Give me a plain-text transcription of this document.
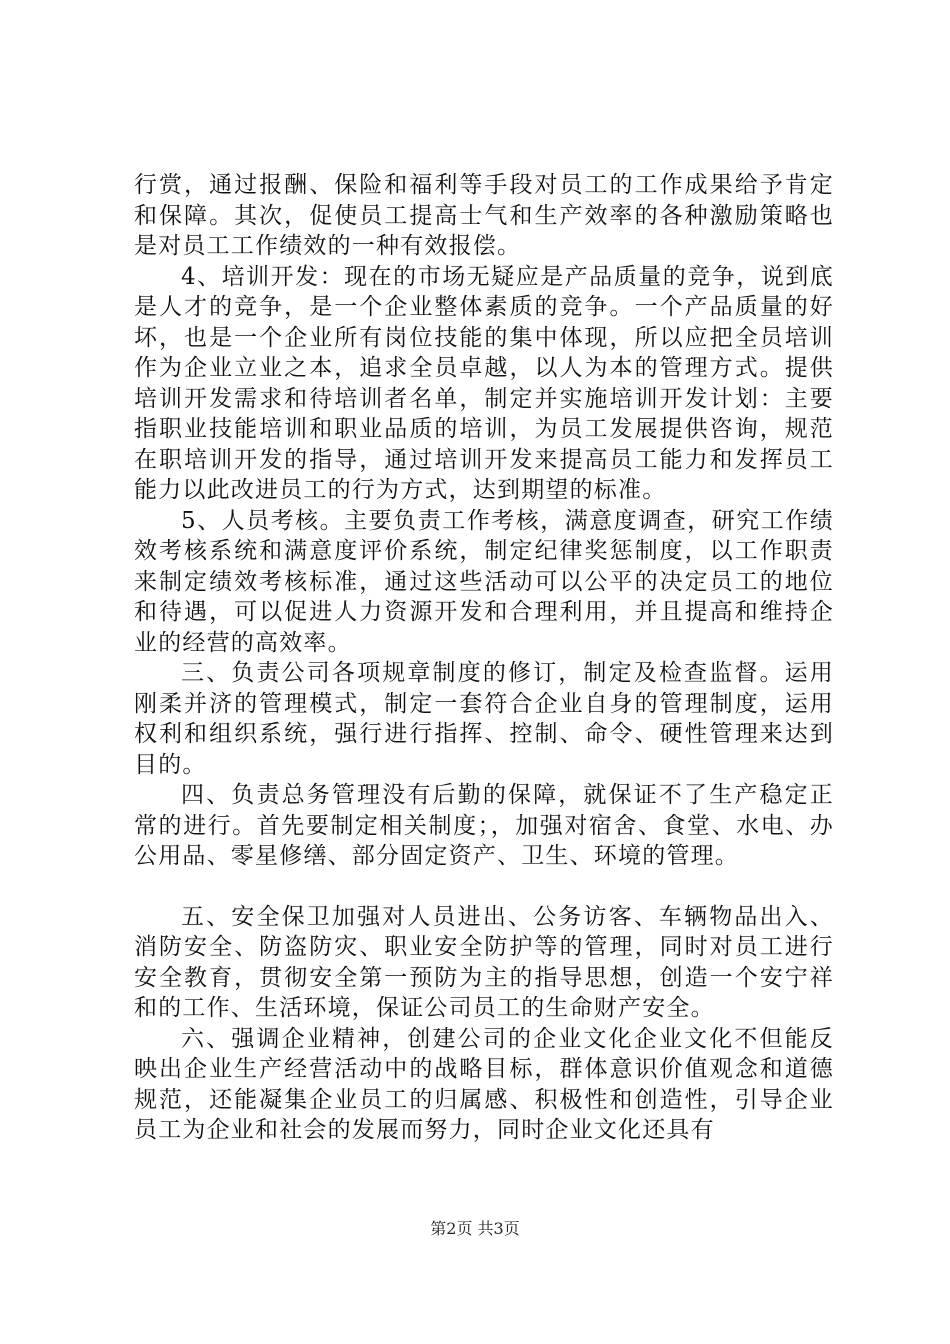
行赏，通过报酬、保险和福利等手段对员工的工作成果给予肯定和保障。其次，促使员工提高士气和生产效率的各种激励策略也是对员工工作绩效的一种有效报偿。

4、培训开发：现在的市场无疑应是产品质量的竞争，说到底是人才的竞争，是一个企业整体素质的竞争。一个产品质量的好坏，也是一个企业所有岗位技能的集中体现，所以应把全员培训作为企业立业之本，追求全员卓越，以人为本的管理方式。提供培训开发需求和待培训者名单，制定并实施培训开发计划：主要指职业技能培训和职业品质的培训，为员工发展提供咨询，规范在职培训开发的指导，通过培训开发来提高员工能力和发挥员工能力以此改进员工的行为方式，达到期望的标准。

5、人员考核。主要负责工作考核，满意度调查，研究工作绩效考核系统和满意度评价系统，制定纪律奖惩制度，以工作职责来制定绩效考核标准，通过这些活动可以公平的决定员工的地位和待遇，可以促进人力资源开发和合理利用，并且提高和维持企业的经营的高效率。

三、负责公司各项规章制度的修订，制定及检查监督。运用刚柔并济的管理模式，制定一套符合企业自身的管理制度，运用权利和组织系统，强行进行指挥、控制、命令、硬性管理来达到目的。

四、负责总务管理没有后勤的保障，就保证不了生产稳定正常的进行。首先要制定相关制度；，加强对宿舍、食堂、水电、办公用品、零星修缮、部分固定资产、卫生、环境的管理。

五、安全保卫加强对人员进出、公务访客、车辆物品出入、消防安全、防盗防灾、职业安全防护等的管理，同时对员工进行安全教育，贯彻安全第一预防为主的指导思想，创造一个安宁祥和的工作、生活环境，保证公司员工的生命财产安全。

六、强调企业精神，创建公司的企业文化企业文化不但能反映出企业生产经营活动中的战略目标，群体意识价值观念和道德规范，还能凝集企业员工的归属感、积极性和创造性，引导企业员工为企业和社会的发展而努力，同时企业文化还具有

第2页 共3页
